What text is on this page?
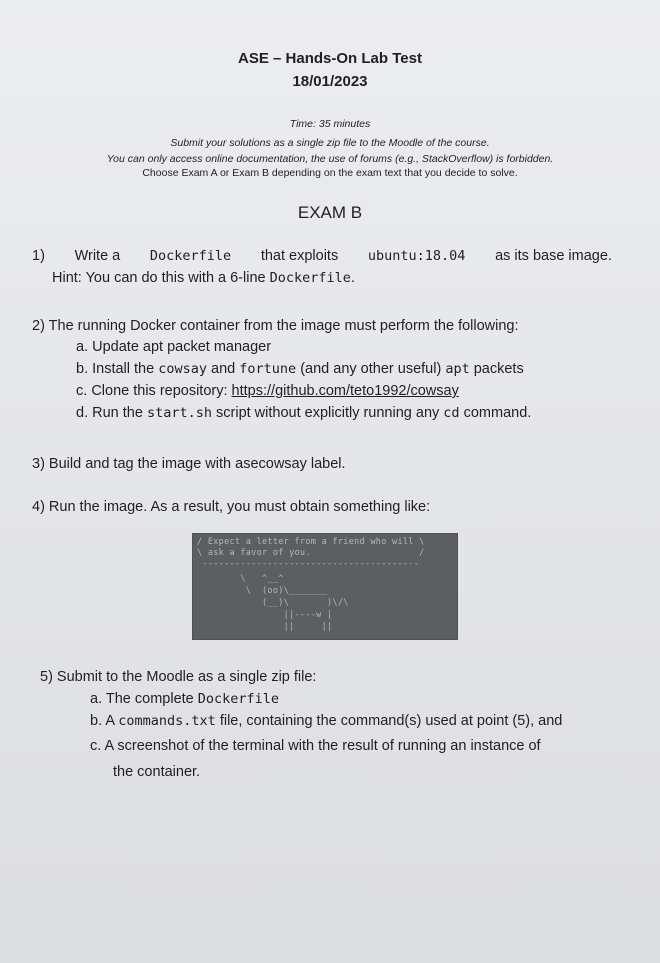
ASE – Hands-On Lab Test
18/01/2023
Time: 35 minutes
Submit your solutions as a single zip file to the Moodle of the course.
You can only access online documentation, the use of forums (e.g., StackOverflow) is forbidden.
Choose Exam A or Exam B depending on the exam text that you decide to solve.
EXAM B
1) Write a Dockerfile that exploits ubuntu:18.04 as its base image.
Hint: You can do this with a 6-line Dockerfile.
2) The running Docker container from the image must perform the following:
a. Update apt packet manager
b. Install the cowsay and fortune (and any other useful) apt packets
c. Clone this repository: https://github.com/teto1992/cowsay
d. Run the start.sh script without explicitly running any cd command.
3) Build and tag the image with asecowsay label.
4) Run the image. As a result, you must obtain something like:
/ Expect a letter from a friend who will \
\ ask a favor of you.                    /
----------------------------------------
\   ^__^
\  (oo)\_______
(__)\       )\/\
||----w |
||     ||
5) Submit to the Moodle as a single zip file:
a. The complete Dockerfile
b. A commands.txt file, containing the command(s) used at point (5), and
c. A screenshot of the terminal with the result of running an instance of
the container.
